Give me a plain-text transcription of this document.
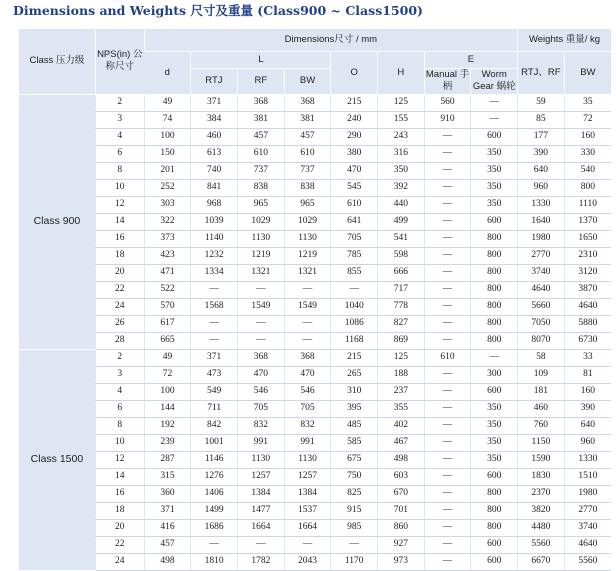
Dimensions and Weights 尺寸及重量 (Class900 ~ Class1500)
Class 压力级	NPS(in) 公称尺寸	Dimensions尺寸 / mm								Weights 重量/ kg	
		d	L			O	H	E		RTJ、RF	BW
			RTJ	RF	BW			Manual 手柄	Worm Gear 蜗轮		
Class 900	2	49	371	368	368	215	125	560	—	59	35
	3	74	384	381	381	240	155	910	—	85	72
	4	100	460	457	457	290	243	—	600	177	160
	6	150	613	610	610	380	316	—	350	390	330
	8	201	740	737	737	470	350	—	350	640	540
	10	252	841	838	838	545	392	—	350	960	800
	12	303	968	965	965	610	440	—	350	1330	1110
	14	322	1039	1029	1029	641	499	—	600	1640	1370
	16	373	1140	1130	1130	705	541	—	800	1980	1650
	18	423	1232	1219	1219	785	598	—	800	2770	2310
	20	471	1334	1321	1321	855	666	—	800	3740	3120
	22	522	—	—	—	—	717	—	800	4640	3870
	24	570	1568	1549	1549	1040	778	—	800	5660	4640
	26	617	—	—	—	1086	827	—	800	7050	5880
	28	665	—	—	—	1168	869	—	800	8070	6730
Class 1500	2	49	371	368	368	215	125	610	—	58	33
	3	72	473	470	470	265	188	—	300	109	81
	4	100	549	546	546	310	237	—	600	181	160
	6	144	711	705	705	395	355	—	350	460	390
	8	192	842	832	832	485	402	—	350	760	640
	10	239	1001	991	991	585	467	—	350	1150	960
	12	287	1146	1130	1130	675	498	—	350	1590	1330
	14	315	1276	1257	1257	750	603	—	600	1830	1510
	16	360	1406	1384	1384	825	670	—	800	2370	1980
	18	371	1499	1477	1537	915	701	—	800	3820	2770
	20	416	1686	1664	1664	985	860	—	800	4480	3740
	22	457	—	—	—	—	927	—	600	5560	4640
	24	498	1810	1782	2043	1170	973	—	600	6670	5560
